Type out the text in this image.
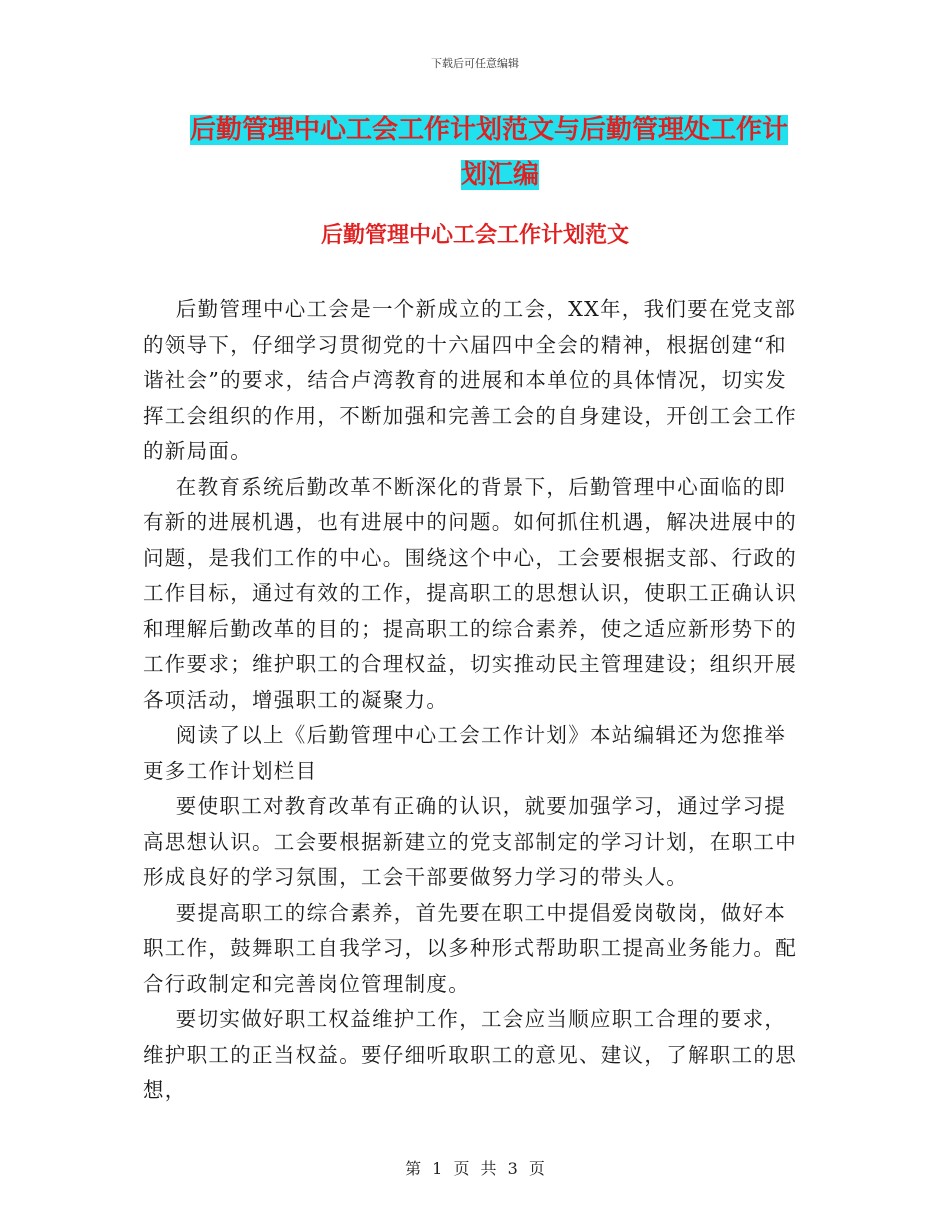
下载后可任意编辑
后勤管理中心工会工作计划范文与后勤管理处工作计
划汇编
后勤管理中心工会工作计划范文

后勤管理中心工会是一个新成立的工会，XX年，我们要在党支部的领导下，仔细学习贯彻党的十六届四中全会的精神，根据创建“和谐社会”的要求，结合卢湾教育的进展和本单位的具体情况，切实发挥工会组织的作用，不断加强和完善工会的自身建设，开创工会工作的新局面。

在教育系统后勤改革不断深化的背景下，后勤管理中心面临的即有新的进展机遇，也有进展中的问题。如何抓住机遇，解决进展中的问题，是我们工作的中心。围绕这个中心，工会要根据支部、行政的工作目标，通过有效的工作，提高职工的思想认识，使职工正确认识和理解后勤改革的目的；提高职工的综合素养，使之适应新形势下的工作要求；维护职工的合理权益，切实推动民主管理建设；组织开展各项活动，增强职工的凝聚力。

阅读了以上《后勤管理中心工会工作计划》本站编辑还为您推举更多工作计划栏目

要使职工对教育改革有正确的认识，就要加强学习，通过学习提高思想认识。工会要根据新建立的党支部制定的学习计划，在职工中形成良好的学习氛围，工会干部要做努力学习的带头人。

要提高职工的综合素养，首先要在职工中提倡爱岗敬岗，做好本职工作，鼓舞职工自我学习，以多种形式帮助职工提高业务能力。配合行政制定和完善岗位管理制度。

要切实做好职工权益维护工作，工会应当顺应职工合理的要求，维护职工的正当权益。要仔细听取职工的意见、建议，了解职工的思想，

第 1 页 共 3 页
